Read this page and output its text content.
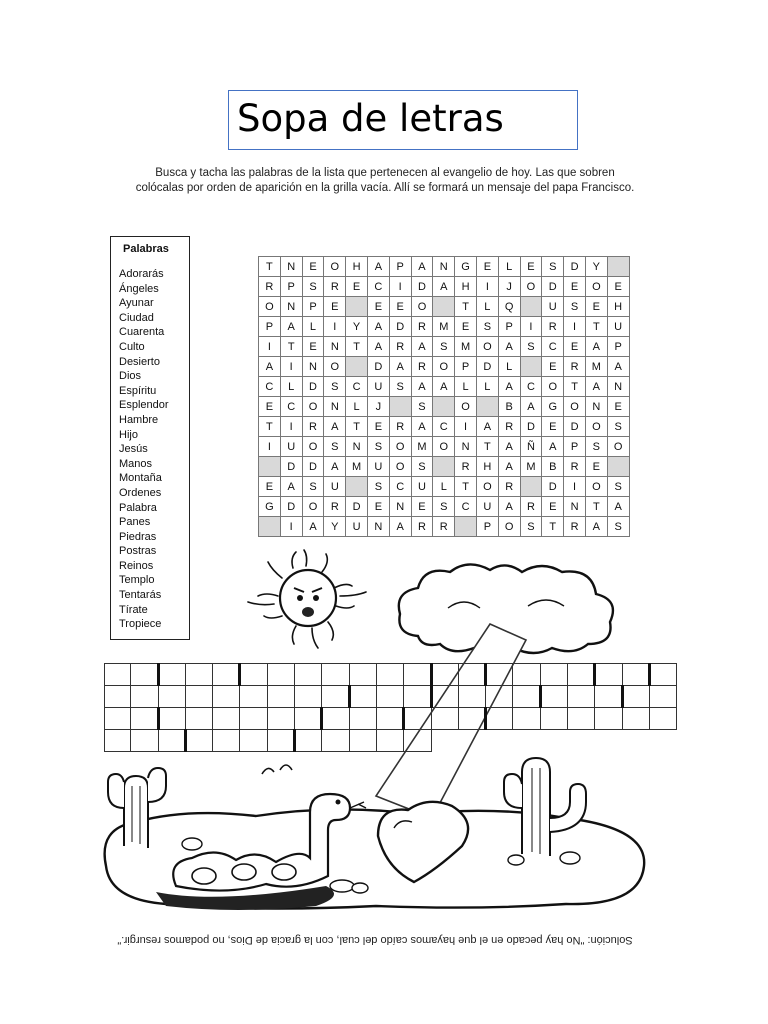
Sopa de letras
Busca y tacha las palabras de la lista que pertenecen al evangelio de hoy. Las que sobren
colócalas por orden de aparición en la grilla vacía. Allí se formará un mensaje del papa Francisco.
Palabras
Adorarás
Ángeles
Ayunar
Ciudad
Cuarenta
Culto
Desierto
Dios
Espíritu
Esplendor
Hambre
Hijo
Jesús
Manos
Montaña
Ordenes
Palabra
Panes
Piedras
Postras
Reinos
Templo
Tentarás
Tírate
Tropiece
T	N	E	O	H	A	P	A	N	G	E	L	E	S	D	Y	
R	P	S	R	E	C	I	D	A	H	I	J	O	D	E	O	E
O	N	P	E		E	E	O		T	L	Q		U	S	E	H
P	A	L	I	Y	A	D	R	M	E	S	P	I	R	I	T	U
I	T	E	N	T	A	R	A	S	M	O	A	S	C	E	A	P
A	I	N	O		D	A	R	O	P	D	L		E	R	M	A
C	L	D	S	C	U	S	A	A	L	L	A	C	O	T	A	N
E	C	O	N	L	J		S		O		B	A	G	O	N	E
T	I	R	A	T	E	R	A	C	I	A	R	D	E	D	O	S
I	U	O	S	N	S	O	M	O	N	T	A	Ñ	A	P	S	O
	D	D	A	M	U	O	S		R	H	A	M	B	R	E	
E	A	S	U		S	C	U	L	T	O	R		D	I	O	S
G	D	O	R	D	E	N	E	S	C	U	A	R	E	N	T	A
	I	A	Y	U	N	A	R	R		P	O	S	T	R	A	S

Solución: "No hay pecado en el que hayamos caído del cual, con la gracia de Dios, no podamos resurgir."
